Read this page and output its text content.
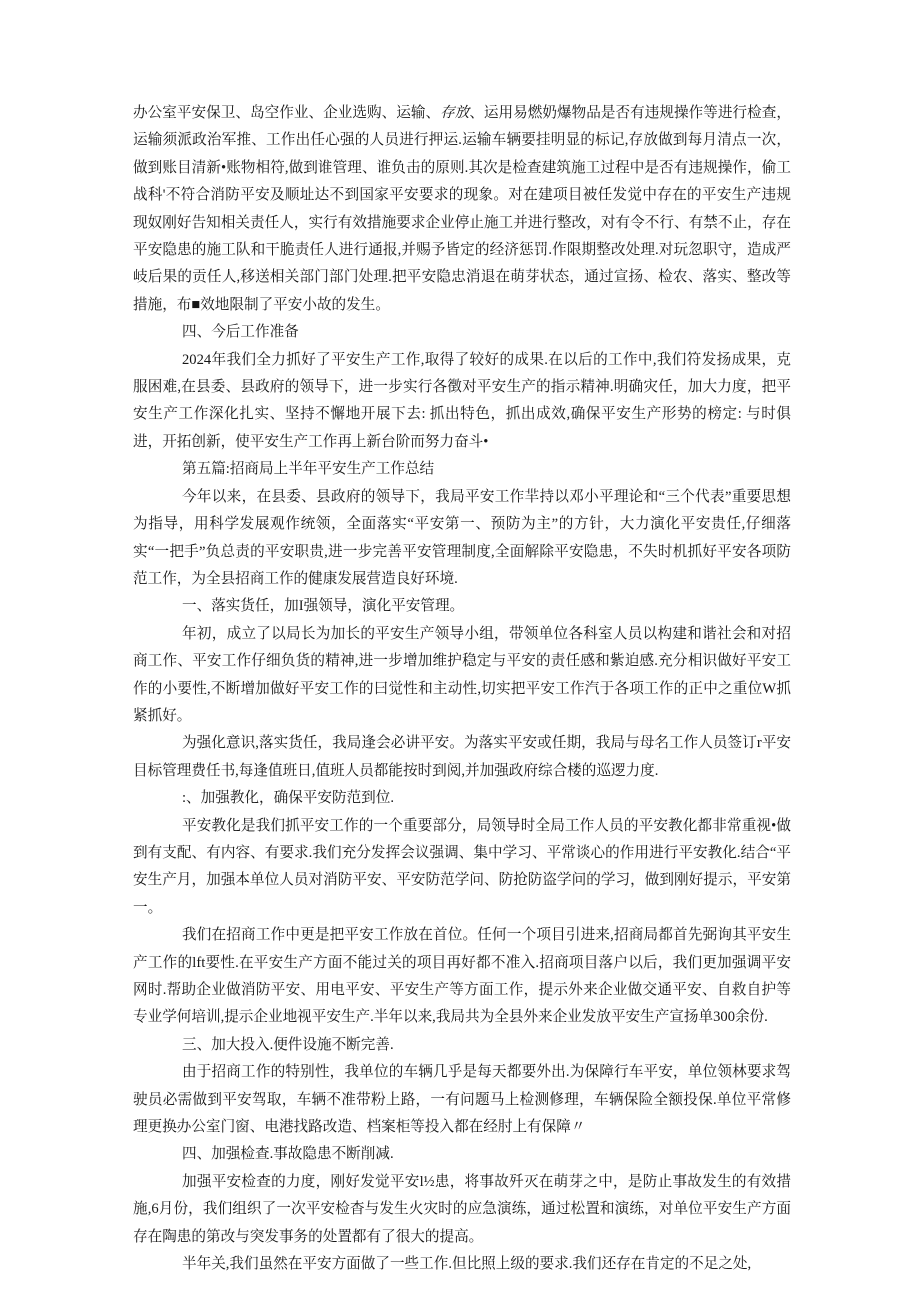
办公室平安保卫、岛空作业、企业选购、运输、存放、运用易燃奶爆物品是否有违规操作等进行检查，运输须派政治军推、工作出任心强的人员进行押运.运输车辆要挂明显的标记,存放做到每月清点一次，做到账目清新•账物相符,做到谁管理、谁负击的原则.其次是检查建筑施工过程中是否有违规操作，偷工战科'不符合消防平安及顺址达不到国家平安要求的现象。对在建项目被任发觉中存在的平安生产违规现奴刚好告知相关责任人，实行有效措施要求企业停止施工并进行整改，对有令不行、有禁不止，存在平安隐患的施工队和干脆责任人进行通报,并赐予皆定的经济惩罚.作限期整改处理.对玩忽职守，造成严岐后果的贡任人,移送相关部门部门处理.把平安隐忠消退在萌芽状态，通过宣扬、检农、落实、整改等措施，布■效地限制了平安小故的发生。

四、今后工作准备

2024年我们全力抓好了平安生产工作,取得了较好的成果.在以后的工作中,我们符发扬成果，克服困难,在县委、县政府的领导下，进一步实行各徴对平安生产的指示精神.明确灾任，加大力度，把平安生产工作深化扎实、坚持不懈地开展下去: 抓出特色，抓出成效,确保平安生产形势的榜定: 与时俱进，开拓创新，使平安生产工作再上新台阶而努力奋斗•

第五篇:招商局上半年平安生产工作总结

今年以来，在县委、县政府的领导下，我局平安工作羋持以邓小平理论和“三个代表”重要思想为指导，用科学发展观作统领，全面落实“平安第一、预防为主”的方针，大力演化平安贵任,仔细落实“一把手”负总责的平安职贵,进一步完善平安管理制度,全面解除平安隐患，不失时机抓好平安各项防范工作，为全县招商工作的健康发展营造良好环境.

一、落实货任，加I强领导，演化平安管理。

年初，成立了以局长为加长的平安生产领导小组，带领单位各科室人员以构建和谐社会和对招商工作、平安工作仔细负货的精神,进一步增加维护稳定与平安的责任感和紫迫感.充分相识做好平安工作的小要性,不断增加做好平安工作的曰觉性和主动性,切实把平安工作汽于各项工作的正中之重位W抓紧抓好。

为强化意识,落实货任，我局逢会必讲平安。为落实平安或任期，我局与母名工作人员签订r平安目标管理费任书,每逢值班日,值班人员都能按时到阅,并加强政府综合楼的巡逻力度.

:、加强教化，确保平安防范到位.

平安教化是我们抓平安工作的一个重要部分，局领导时全局工作人员的平安教化都非常重视•做到有支配、有内容、有要求.我们充分发挥会议强调、集中学习、平常谈心的作用进行平安教化.结合“平安生产月，加强本单位人员对消防平安、平安防范学问、防抢防盗学问的学习，做到刚好提示，平安第一。

我们在招商工作中更是把平安工作放在首位。任何一个项目引进来,招商局都首先弼询其平安生产工作的lft要性.在平安生产方面不能过关的项目再好都不准入.招商项目落户以后，我们更加强调平安网时.帮助企业做消防平安、用电平安、平安生产等方面工作，提示外来企业做交通平安、自救自护等专业学何培训,提示企业地视平安生产.半年以来,我局共为全县外来企业发放平安生产宣扬单300余份.

三、加大投入.便件设施不断完善.

由于招商工作的特别性，我单位的车辆几乎是每天都要外出.为保障行车平安，单位领林要求驾驶员必需做到平安驾取，车辆不准带粉上路，一有问题马上检测修理，车辆保险全额投保.单位平常修理更换办公室门窗、电港找路改造、档案柜等投入都在经肘上有保障〃

四、加强检查.事故隐患不断削减.

加强平安检查的力度，刚好发觉平安l½患，将事故歼灭在萌芽之中，是防止事故发生的有效措施,6月份，我们组织了一次平安检杳与发生火灾时的应急演练，通过松置和演练，对单位平安生产方面存在陶患的第改与突发事务的处置都有了很大的提高。

半年关,我们虽然在平安方面做了一些工作.但比照上级的要求.我们还存在肯定的不足之处,
